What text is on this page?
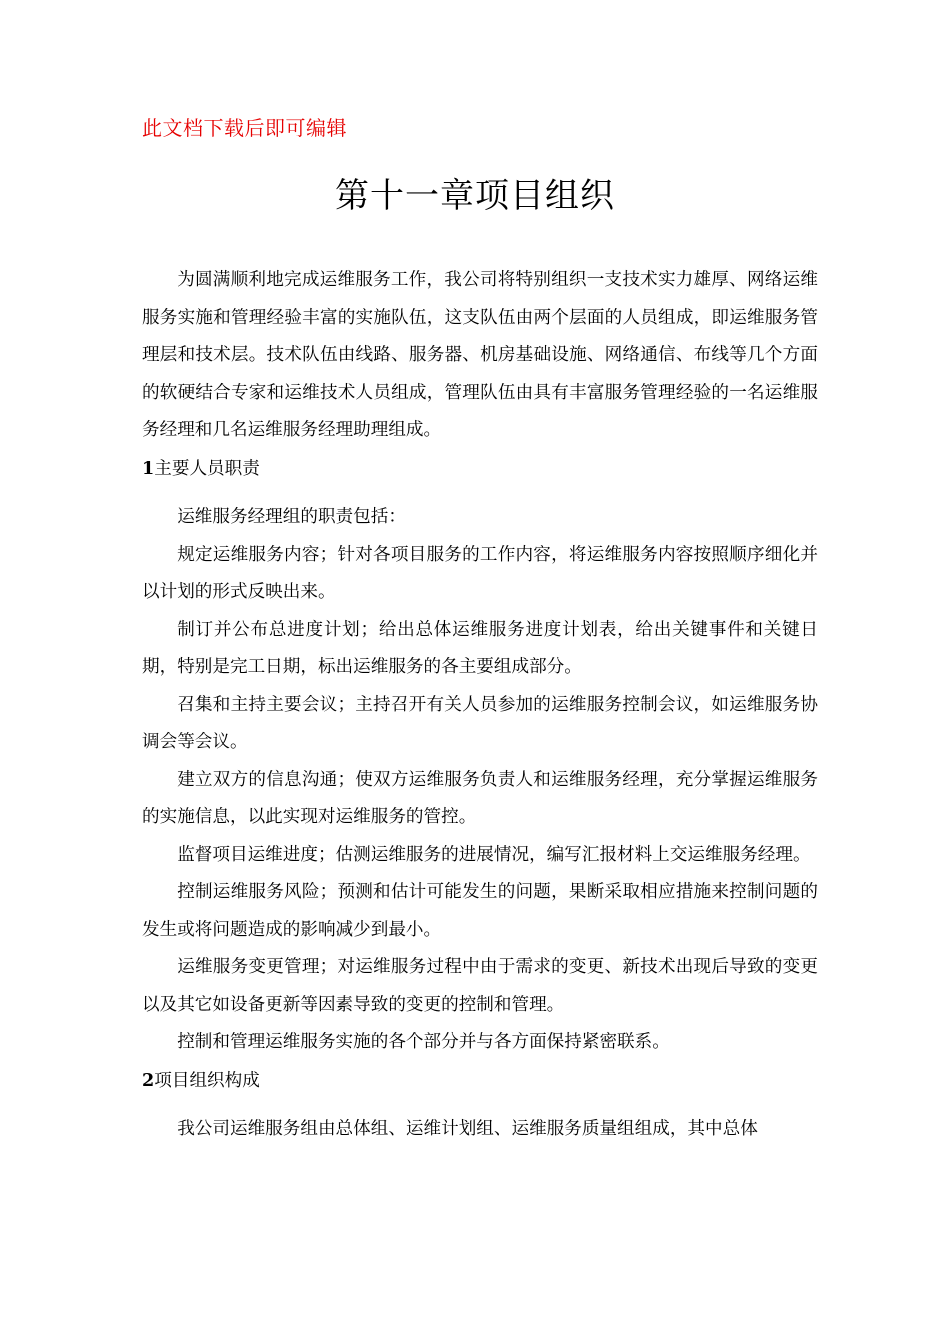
此文档下载后即可编辑
第十一章项目组织

为圆满顺利地完成运维服务工作，我公司将特别组织一支技术实力雄厚、网络运维服务实施和管理经验丰富的实施队伍，这支队伍由两个层面的人员组成，即运维服务管理层和技术层。技术队伍由线路、服务器、机房基础设施、网络通信、布线等几个方面的软硬结合专家和运维技术人员组成，管理队伍由具有丰富服务管理经验的一名运维服务经理和几名运维服务经理助理组成。

1主要人员职责

运维服务经理组的职责包括：

规定运维服务内容；针对各项目服务的工作内容，将运维服务内容按照顺序细化并以计划的形式反映出来。

制订并公布总进度计划；给出总体运维服务进度计划表，给出关键事件和关键日期，特别是完工日期，标出运维服务的各主要组成部分。

召集和主持主要会议；主持召开有关人员参加的运维服务控制会议，如运维服务协调会等会议。

建立双方的信息沟通；使双方运维服务负责人和运维服务经理，充分掌握运维服务的实施信息，以此实现对运维服务的管控。

监督项目运维进度；估测运维服务的进展情况，编写汇报材料上交运维服务经理。

控制运维服务风险；预测和估计可能发生的问题，果断采取相应措施来控制问题的发生或将问题造成的影响减少到最小。

运维服务变更管理；对运维服务过程中由于需求的变更、新技术出现后导致的变更以及其它如设备更新等因素导致的变更的控制和管理。

控制和管理运维服务实施的各个部分并与各方面保持紧密联系。

2项目组织构成

我公司运维服务组由总体组、运维计划组、运维服务质量组组成，其中总体
